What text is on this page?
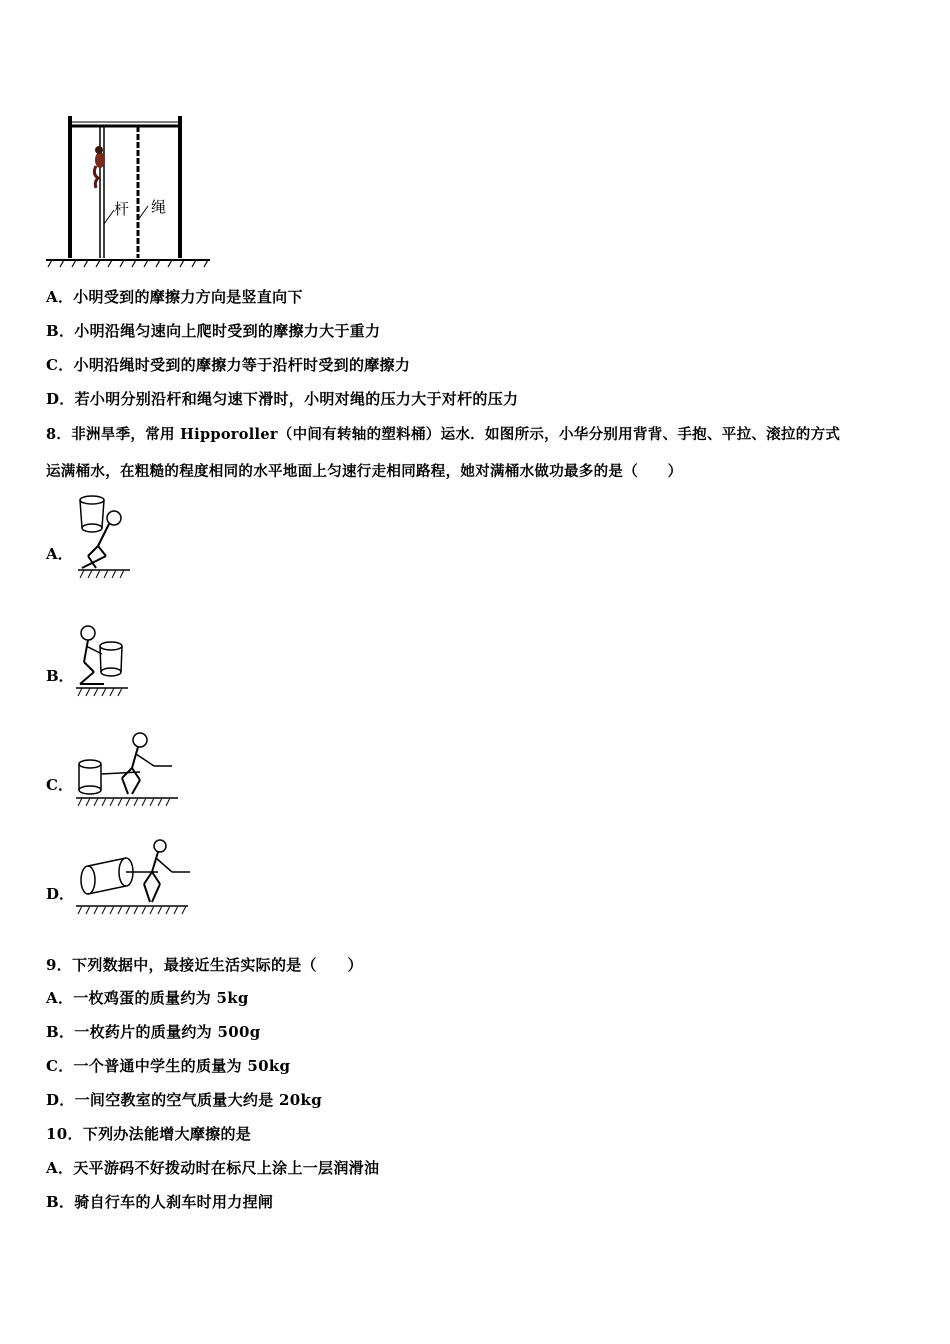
杆 绳
A．小明受到的摩擦力方向是竖直向下
B．小明沿绳匀速向上爬时受到的摩擦力大于重力
C．小明沿绳时受到的摩擦力等于沿杆时受到的摩擦力
D．若小明分别沿杆和绳匀速下滑时，小明对绳的压力大于对杆的压力
8．非洲旱季，常用 Hipporoller（中间有转轴的塑料桶）运水．如图所示，小华分别用背背、手抱、平拉、滚拉的方式
运满桶水，在粗糙的程度相同的水平地面上匀速行走相同路程，她对满桶水做功最多的是（　　）
A．
B．
C．
D．
9．下列数据中，最接近生活实际的是（　　）
A．一枚鸡蛋的质量约为 5kg
B．一枚药片的质量约为 500g
C．一个普通中学生的质量为 50kg
D．一间空教室的空气质量大约是 20kg
10．下列办法能增大摩擦的是
A．天平游码不好拨动时在标尺上涂上一层润滑油
B．骑自行车的人刹车时用力捏闸
